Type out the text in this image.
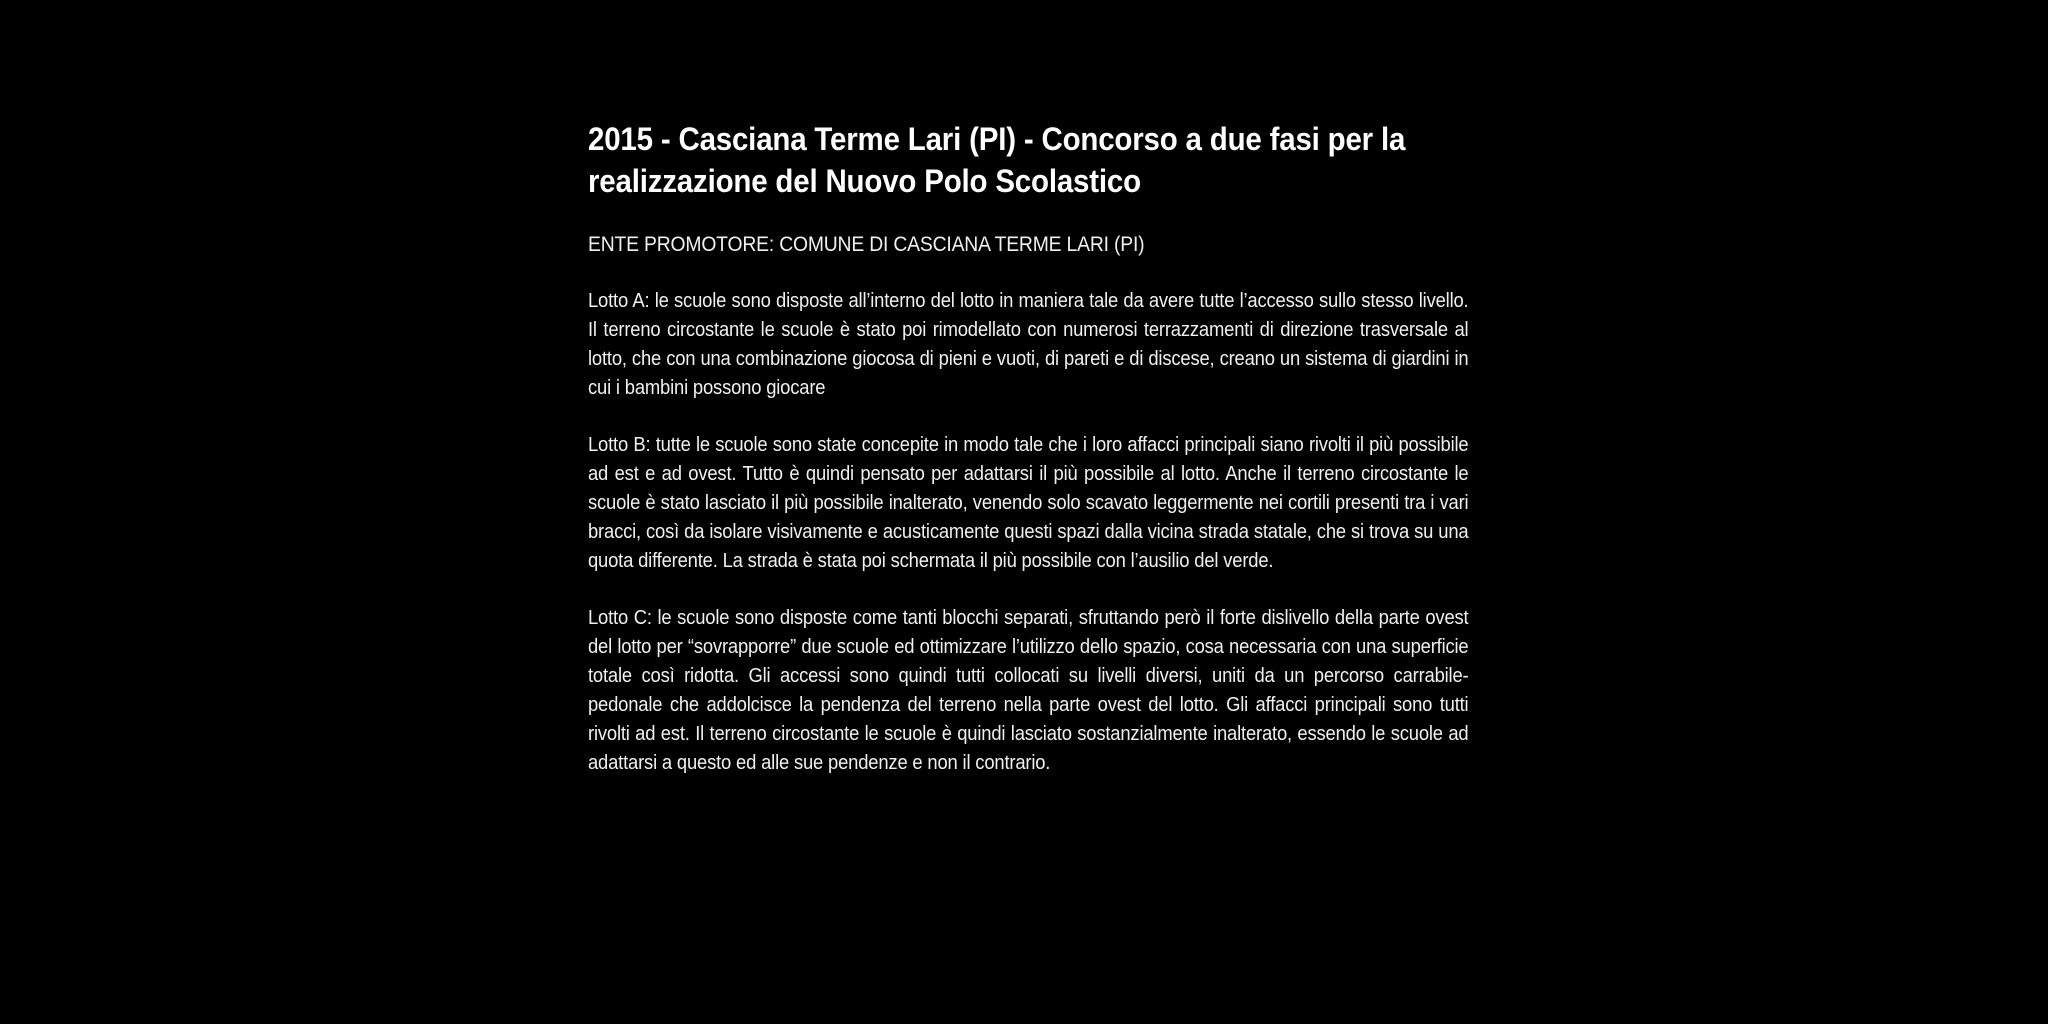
2015 - Casciana Terme Lari (PI) - Concorso a due fasi per la realizzazione del Nuovo Polo Scolastico

ENTE PROMOTORE: COMUNE DI CASCIANA TERME LARI (PI)

Lotto A: le scuole sono disposte all’interno del lotto in maniera tale da avere tutte l’accesso sullo stesso livello. Il terreno circostante le scuole è stato poi rimodellato con numerosi terrazzamenti di direzione trasversale al lotto, che con una combinazione giocosa di pieni e vuoti, di pareti e di discese, creano un sistema di giardini in cui i bambini possono giocare

Lotto B: tutte le scuole sono state concepite in modo tale che i loro affacci principali siano rivolti il più possibile ad est e ad ovest. Tutto è quindi pensato per adattarsi il più possibile al lotto. Anche il terreno circostante le scuole è stato lasciato il più possibile inalterato, venendo solo scavato leggermente nei cortili presenti tra i vari bracci, così da isolare visivamente e acusticamente questi spazi dalla vicina strada statale, che si trova su una quota differente. La strada è stata poi schermata il più possibile con l’ausilio del verde.

Lotto C: le scuole sono disposte come tanti blocchi separati, sfruttando però il forte dislivello della parte ovest del lotto per “sovrapporre” due scuole ed ottimizzare l’utilizzo dello spazio, cosa necessaria con una superficie totale così ridotta. Gli accessi sono quindi tutti collocati su livelli diversi, uniti da un percorso carrabile-pedonale che addolcisce la pendenza del terreno nella parte ovest del lotto. Gli affacci principali sono tutti rivolti ad est. Il terreno circostante le scuole è quindi lasciato sostanzialmente inalterato, essendo le scuole ad adattarsi a questo ed alle sue pendenze e non il contrario.
